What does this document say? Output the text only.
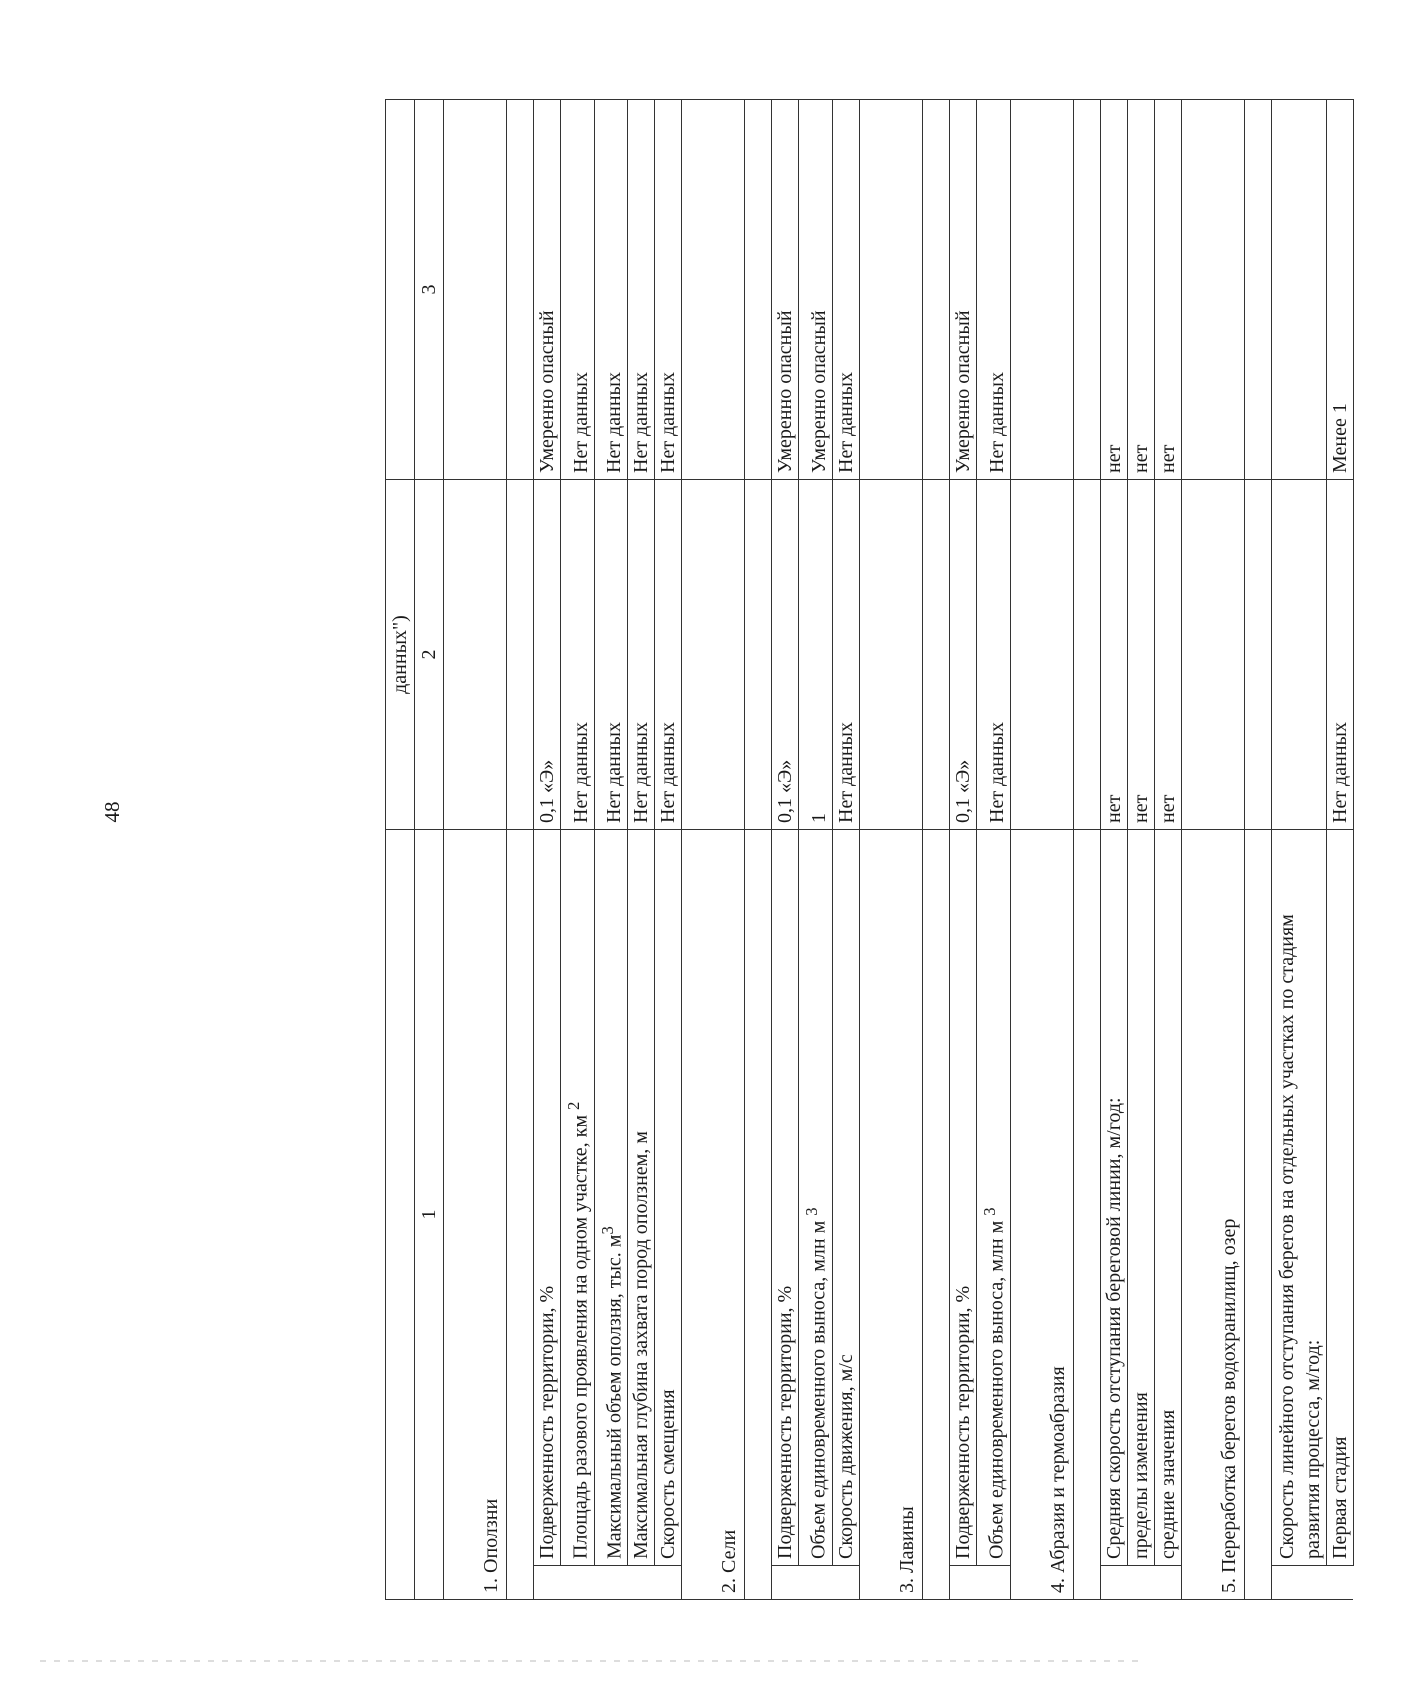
48
		данных")	
1		2	3
1. Оползни			

	Подверженность территории, %	0,1 «Э»	Умеренно опасный
	Площадь разового проявления на одном участке, км $^2$	Нет данных	Нет данных
	Максимальный объем оползня, тыс. $м^3$	Нет данных	Нет данных
	Максимальная глубина захвата пород оползнем, м	Нет данных	Нет данных
	Скорость смещения	Нет данных	Нет данных
2. Сели			

	Подверженность территории, %	0,1 «Э»	Умеренно опасный
	Объем единовременного выноса, млн м $^3$	1	Умеренно опасный
	Скорость движения, м/с	Нет данных	Нет данных
3. Лавины			

	Подверженность территории, %	0,1 «Э»	Умеренно опасный
	Объем единовременного выноса, млн м $^3$	Нет данных	Нет данных
4. Абразия и термоабразия			

	Средняя скорость отступания береговой линии, м/год:	нет	нет
	пределы изменения	нет	нет
	средние значения	нет	нет
5. Переработка берегов водохранилищ, озер			

	Скорость линейного отступания берегов на отдельных участках по стадиям развития процесса, м/год:		
	Первая стадия	Нет данных	Менее 1
